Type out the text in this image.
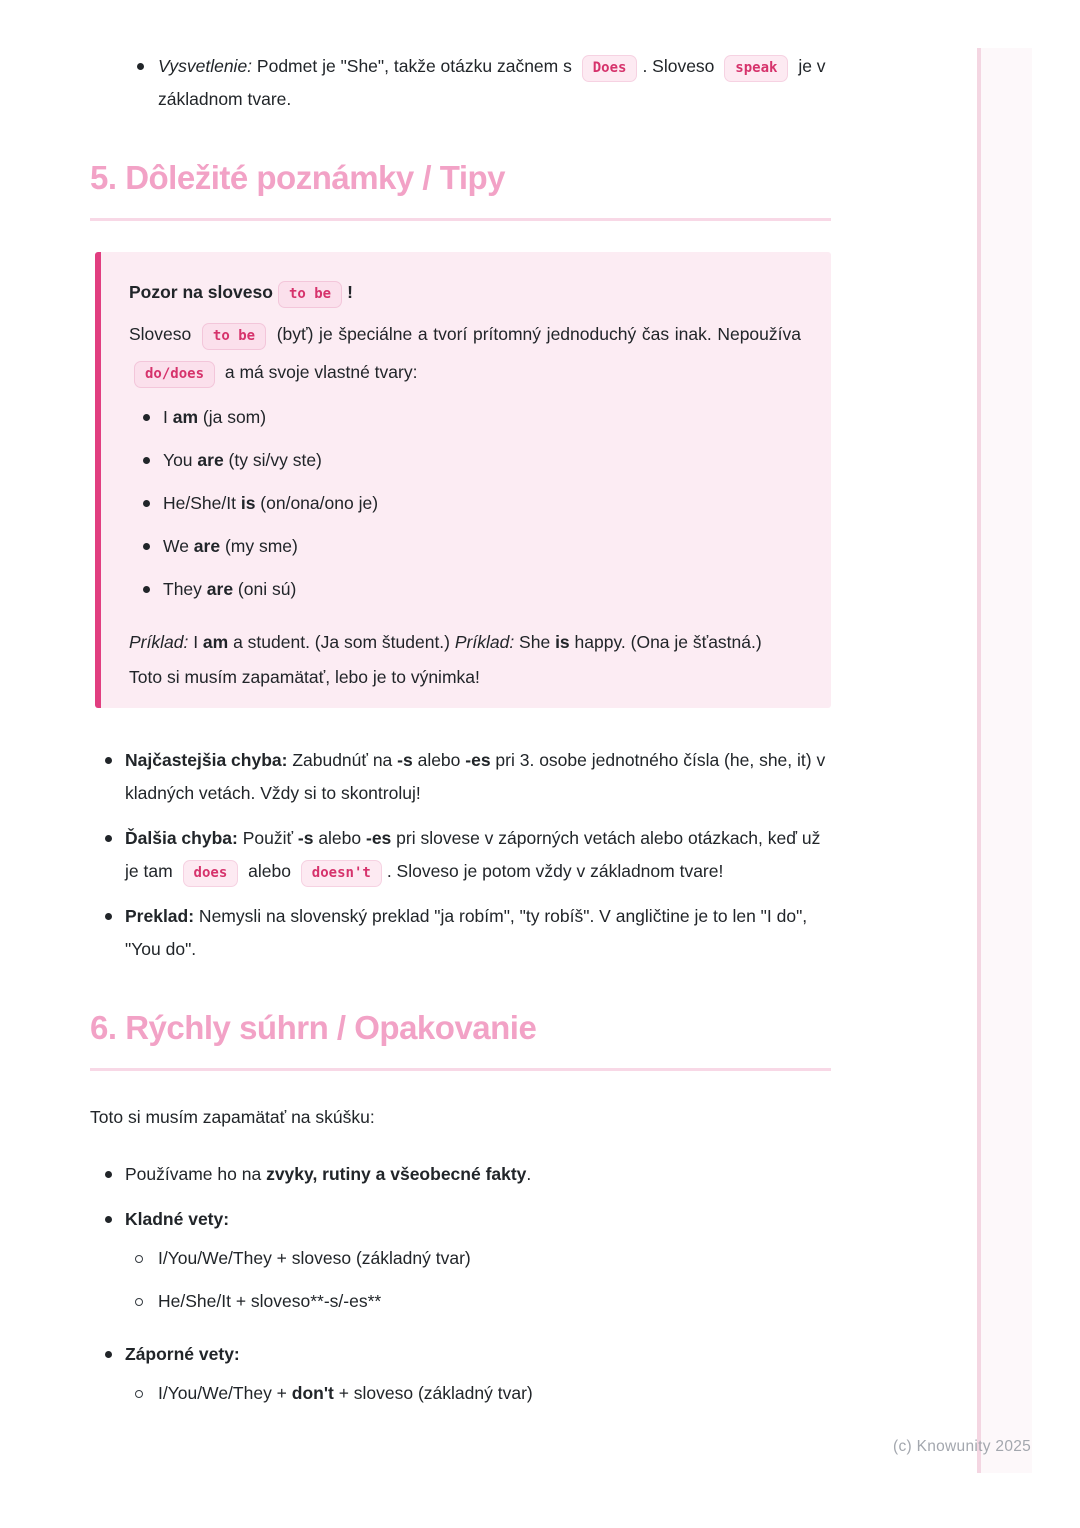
Vysvetlenie: Podmet je "She", takže otázku začnem s Does . Sloveso speak je v základnom tvare.
5. Dôležité poznámky / Tipy
Pozor na sloveso to be !

Sloveso to be (byť) je špeciálne a tvorí prítomný jednoduchý čas inak. Nepoužíva do/does a má svoje vlastné tvary:

I am (ja som)
You are (ty si/vy ste)
He/She/It is (on/ona/ono je)
We are (my sme)
They are (oni sú)

Príklad: I am a student. (Ja som študent.) Príklad: She is happy. (Ona je šťastná.)

Toto si musím zapamätať, lebo je to výnimka!
Najčastejšia chyba: Zabudnúť na -s alebo -es pri 3. osobe jednotného čísla (he, she, it) v kladných vetách. Vždy si to skontroluj!
Ďalšia chyba: Použiť -s alebo -es pri slovese v záporných vetách alebo otázkach, keď už je tam does alebo doesn't . Sloveso je potom vždy v základnom tvare!
Preklad: Nemysli na slovenský preklad "ja robím", "ty robíš". V angličtine je to len "I do", "You do".
6. Rýchly súhrn / Opakovanie

Toto si musím zapamätať na skúšku:

Používame ho na zvyky, rutiny a všeobecné fakty.
Kladné vety:
I/You/We/They + sloveso (základný tvar)
He/She/It + sloveso**-s/-es**
Záporné vety:
I/You/We/They + don't + sloveso (základný tvar)
(c) Knowunity 2025
